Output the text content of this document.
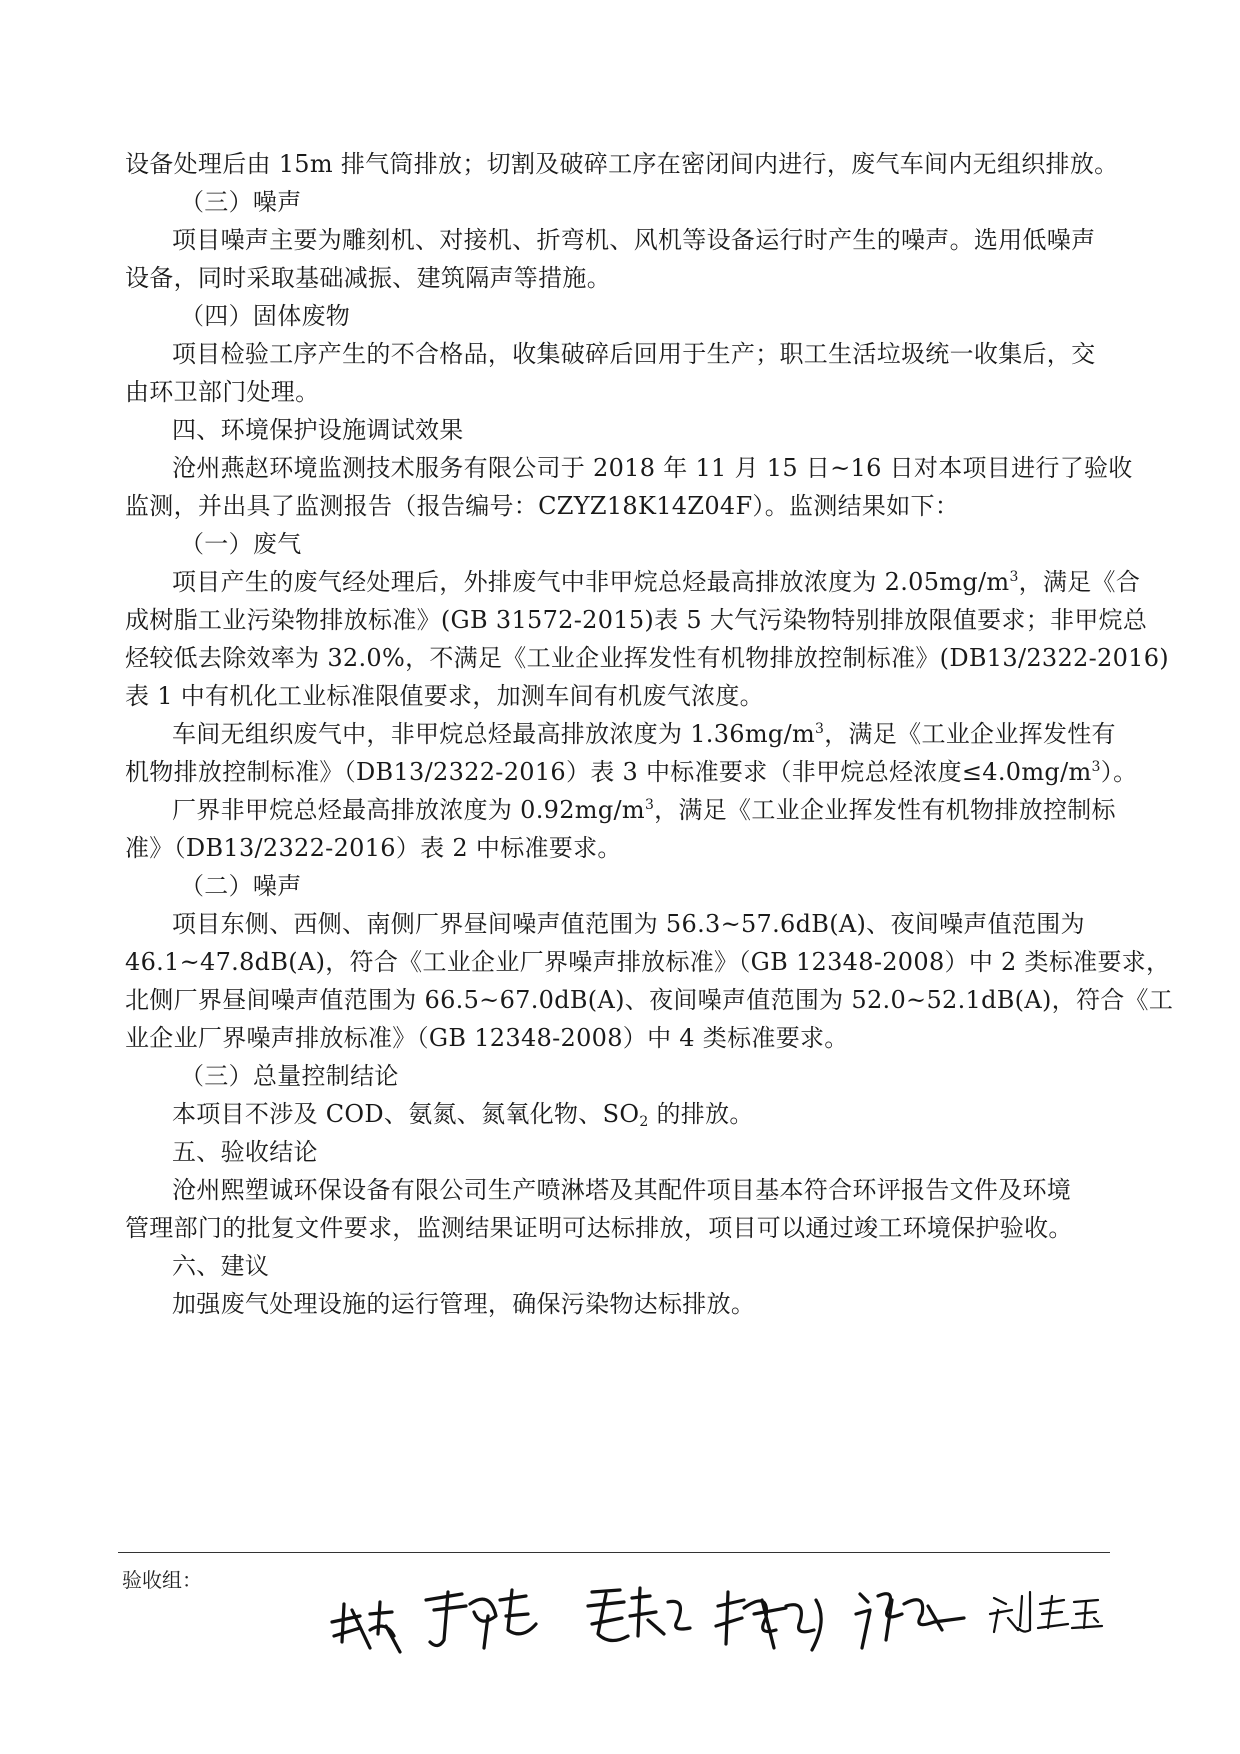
设备处理后由 15m 排气筒排放；切割及破碎工序在密闭间内进行，废气车间内无组织排放。
（三）噪声
项目噪声主要为雕刻机、对接机、折弯机、风机等设备运行时产生的噪声。选用低噪声
设备，同时采取基础减振、建筑隔声等措施。
（四）固体废物
项目检验工序产生的不合格品，收集破碎后回用于生产；职工生活垃圾统一收集后，交
由环卫部门处理。
四、环境保护设施调试效果
沧州燕赵环境监测技术服务有限公司于 2018 年 11 月 15 日~16 日对本项目进行了验收
监测，并出具了监测报告（报告编号：CZYZ18K14Z04F）。监测结果如下：
（一）废气
项目产生的废气经处理后，外排废气中非甲烷总烃最高排放浓度为 $2.05mg/m^3$，满足《合
成树脂工业污染物排放标准》(GB 31572-2015)表 5 大气污染物特别排放限值要求；非甲烷总
烃较低去除效率为 32.0%，不满足《工业企业挥发性有机物排放控制标准》(DB13/2322-2016)
表 1 中有机化工业标准限值要求，加测车间有机废气浓度。
车间无组织废气中，非甲烷总烃最高排放浓度为 $1.36mg/m^3$，满足《工业企业挥发性有
机物排放控制标准》（DB13/2322-2016）表 3 中标准要求（非甲烷总烃浓度$\le 4.0mg/m^3$）。
厂界非甲烷总烃最高排放浓度为 $0.92mg/m^3$，满足《工业企业挥发性有机物排放控制标
准》（DB13/2322-2016）表 2 中标准要求。
（二）噪声
项目东侧、西侧、南侧厂界昼间噪声值范围为 56.3~57.6dB(A)、夜间噪声值范围为
46.1~47.8dB(A)，符合《工业企业厂界噪声排放标准》（GB 12348-2008）中 2 类标准要求，
北侧厂界昼间噪声值范围为 66.5~67.0dB(A)、夜间噪声值范围为 52.0~52.1dB(A)，符合《工
业企业厂界噪声排放标准》（GB 12348-2008）中 4 类标准要求。
（三）总量控制结论
本项目不涉及 COD、氨氮、氮氧化物、$SO_2$ 的排放。
五、验收结论
沧州熙塑诚环保设备有限公司生产喷淋塔及其配件项目基本符合环评报告文件及环境
管理部门的批复文件要求，监测结果证明可达标排放，项目可以通过竣工环境保护验收。
六、建议
加强废气处理设施的运行管理，确保污染物达标排放。
验收组：
